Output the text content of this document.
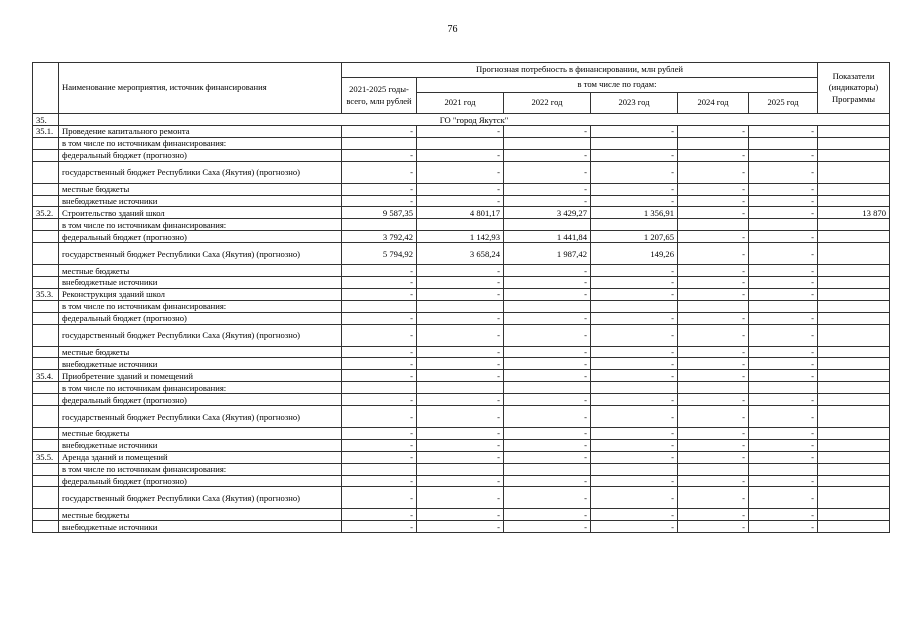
76
	Наименование мероприятия, источник финансирования	Прогнозная потребность в финансировании, млн рублей						Показатели (индикаторы) Программы
		2021-2025 годы- всего, млн рублей	в том числе по годам:					
			2021 год	2022 год	2023 год	2024 год	2025 год	
35.	ГО "город Якутск"							
35.1.	Проведение капитального ремонта	-	-	-	-	-	-	
	в том числе по источникам финансирования:							
	федеральный бюджет (прогнозно)	-	-	-	-	-	-	
	государственный бюджет Республики Саха (Якутия) (прогнозно)	-	-	-	-	-	-	
	местные бюджеты	-	-	-	-	-	-	
	внебюджетные источники	-	-	-	-	-	-	
35.2.	Строительство зданий школ	9 587,35	4 801,17	3 429,27	1 356,91	-	-	13 870
	в том числе по источникам финансирования:							
	федеральный бюджет (прогнозно)	3 792,42	1 142,93	1 441,84	1 207,65	-	-	
	государственный бюджет Республики Саха (Якутия) (прогнозно)	5 794,92	3 658,24	1 987,42	149,26	-	-	
	местные бюджеты	-	-	-	-	-	-	
	внебюджетные источники	-	-	-	-	-	-	
35.3.	Реконструкция зданий школ	-	-	-	-	-	-	
	в том числе по источникам финансирования:							
	федеральный бюджет (прогнозно)	-	-	-	-	-	-	
	государственный бюджет Республики Саха (Якутия) (прогнозно)	-	-	-	-	-	-	
	местные бюджеты	-	-	-	-	-	-	
	внебюджетные источники	-	-	-	-	-	-	
35.4.	Приобретение зданий и помещений	-	-	-	-	-	-	
	в том числе по источникам финансирования:							
	федеральный бюджет (прогнозно)	-	-	-	-	-	-	
	государственный бюджет Республики Саха (Якутия) (прогнозно)	-	-	-	-	-	-	
	местные бюджеты	-	-	-	-	-	-	
	внебюджетные источники	-	-	-	-	-	-	
35.5.	Аренда зданий и помещений	-	-	-	-	-	-	
	в том числе по источникам финансирования:							
	федеральный бюджет (прогнозно)	-	-	-	-	-	-	
	государственный бюджет Республики Саха (Якутия) (прогнозно)	-	-	-	-	-	-	
	местные бюджеты	-	-	-	-	-	-	
	внебюджетные источники	-	-	-	-	-	-	
